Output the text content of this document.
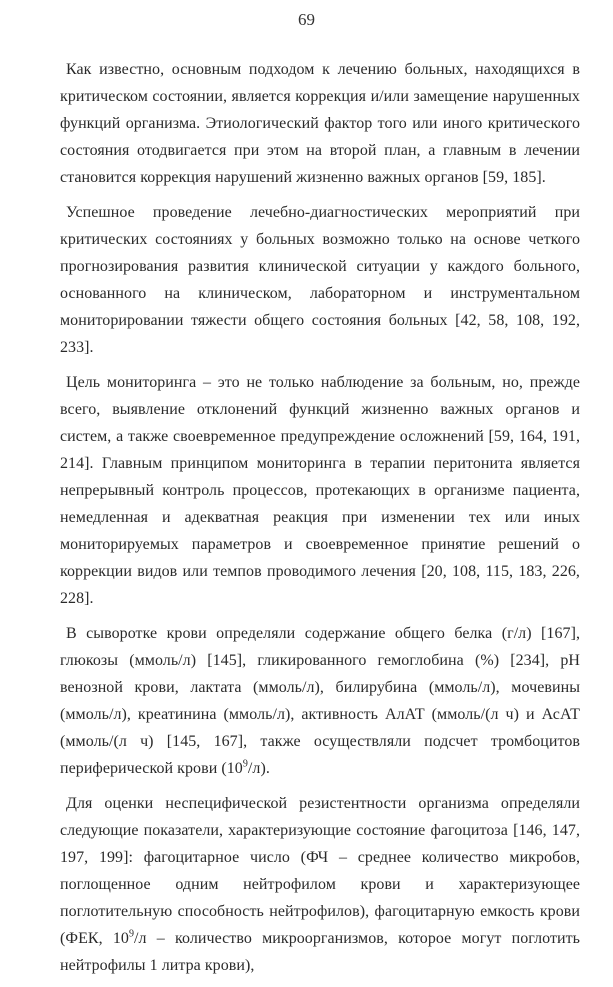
69

Как известно, основным подходом к лечению больных, находящихся в критическом состоянии, является коррекция и/или замещение нарушенных функций организма. Этиологический фактор того или иного критического состояния отодвигается при этом на второй план, а главным в лечении становится коррекция нарушений жизненно важных органов [59, 185].

Успешное проведение лечебно-диагностических мероприятий при критических состояниях у больных возможно только на основе четкого прогнозирования развития клинической ситуации у каждого больного, основанного на клиническом, лабораторном и инструментальном мониторировании тяжести общего состояния больных [42, 58, 108, 192, 233].

Цель мониторинга – это не только наблюдение за больным, но, прежде всего, выявление отклонений функций жизненно важных органов и систем, а также своевременное предупреждение осложнений [59, 164, 191, 214]. Главным принципом мониторинга в терапии перитонита является непрерывный контроль процессов, протекающих в организме пациента, немедленная и адекватная реакция при изменении тех или иных мониторируемых параметров и своевременное принятие решений о коррекции видов или темпов проводимого лечения [20, 108, 115, 183, 226, 228].

В сыворотке крови определяли содержание общего белка (г/л) [167], глюкозы (ммоль/л) [145], гликированного гемоглобина (%) [234], рН венозной крови, лактата (ммоль/л), билирубина (ммоль/л), мочевины (ммоль/л), креатинина (ммоль/л), активность АлАТ (ммоль/(л ч) и АсАТ (ммоль/(л ч) [145, 167], также осуществляли подсчет тромбоцитов периферической крови $(10^9/л)$.

Для оценки неспецифической резистентности организма определяли следующие показатели, характеризующие состояние фагоцитоза [146, 147, 197, 199]: фагоцитарное число (ФЧ – среднее количество микробов, поглощенное одним нейтрофилом крови и характеризующее поглотительную способность нейтрофилов), фагоцитарную емкость крови (ФЕК, $10^9/л$ – количество микроорганизмов, которое могут поглотить нейтрофилы 1 литра крови),
